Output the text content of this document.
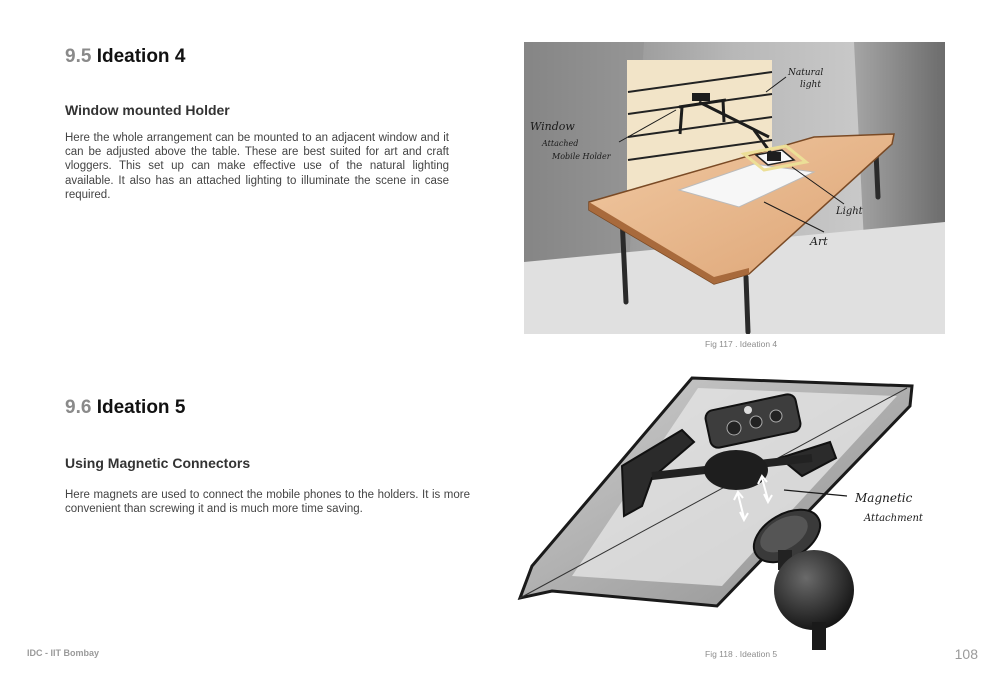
9.5 Ideation 4
Window mounted Holder

Here the whole arrangement can be mounted to an adjacent window and it can be adjusted above the table. These are best suited for art and craft vloggers. This set up can make effective use of the natural lighting available. It also has an attached lighting to illuminate the scene in case required.

9.6 Ideation 5
Using Magnetic Connectors

Here magnets are used to connect the mobile phones to the holders. It is more convenient than screwing it and is much more time saving.

Window
Attached
Mobile Holder
Natural
light
Light
Art
Fig 117 . Ideation 4
Magnetic
Attachment
Fig 118 . Ideation 5
IDC - IIT Bombay	108
